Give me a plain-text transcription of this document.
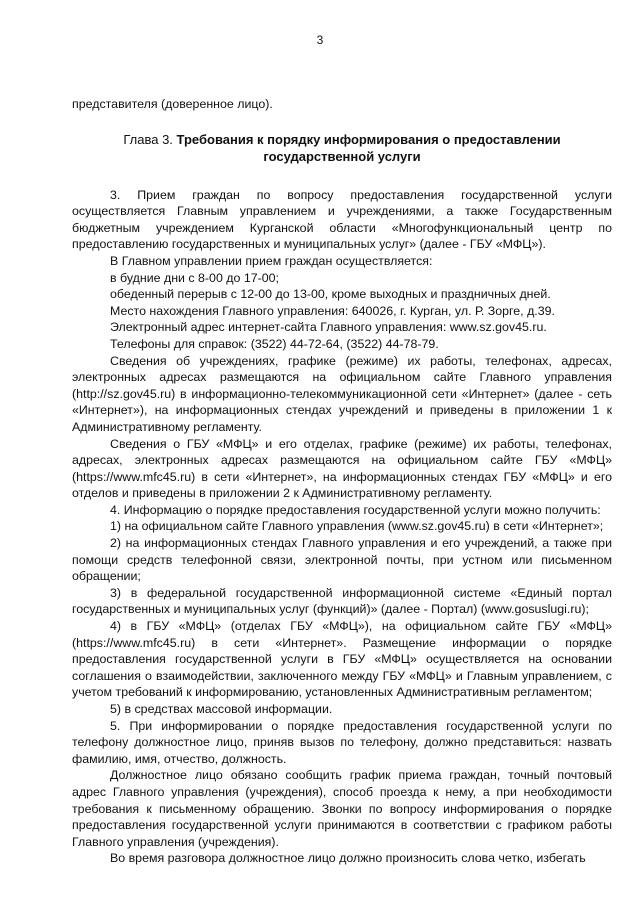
3

представителя (доверенное лицо).

Глава 3. Требования к порядку информирования о предоставлении государственной услуги

3. Прием граждан по вопросу предоставления государственной услуги осуществляется Главным управлением и учреждениями, а также Государственным бюджетным учреждением Курганской области «Многофункциональный центр по предоставлению государственных и муниципальных услуг» (далее - ГБУ «МФЦ»).

В Главном управлении прием граждан осуществляется:

в будние дни с 8-00 до 17-00;

обеденный перерыв с 12-00 до 13-00, кроме выходных и праздничных дней.

Место нахождения Главного управления: 640026, г. Курган, ул. Р. Зорге, д.39.

Электронный адрес интернет-сайта Главного управления: www.sz.gov45.ru.

Телефоны для справок: (3522) 44-72-64, (3522) 44-78-79.

Сведения об учреждениях, графике (режиме) их работы, телефонах, адресах, электронных адресах размещаются на официальном сайте Главного управления (http://sz.gov45.ru) в информационно-телекоммуникационной сети «Интернет» (далее - сеть «Интернет»), на информационных стендах учреждений и приведены в приложении 1 к Административному регламенту.

Сведения о ГБУ «МФЦ» и его отделах, графике (режиме) их работы, телефонах, адресах, электронных адресах размещаются на официальном сайте ГБУ «МФЦ» (https://www.mfc45.ru) в сети «Интернет», на информационных стендах ГБУ «МФЦ» и его отделов и приведены в приложении 2 к Административному регламенту.

4. Информацию о порядке предоставления государственной услуги можно получить:

1) на официальном сайте Главного управления (www.sz.gov45.ru) в сети «Интернет»;

2) на информационных стендах Главного управления и его учреждений, а также при помощи средств телефонной связи, электронной почты, при устном или письменном обращении;

3) в федеральной государственной информационной системе «Единый портал государственных и муниципальных услуг (функций)» (далее - Портал) (www.gosuslugi.ru);

4) в ГБУ «МФЦ» (отделах ГБУ «МФЦ»), на официальном сайте ГБУ «МФЦ» (https://www.mfc45.ru) в сети «Интернет». Размещение информации о порядке предоставления государственной услуги в ГБУ «МФЦ» осуществляется на основании соглашения о взаимодействии, заключенного между ГБУ «МФЦ» и Главным управлением, с учетом требований к информированию, установленных Административным регламентом;

5) в средствах массовой информации.

5. При информировании о порядке предоставления государственной услуги по телефону должностное лицо, приняв вызов по телефону, должно представиться: назвать фамилию, имя, отчество, должность.

Должностное лицо обязано сообщить график приема граждан, точный почтовый адрес Главного управления (учреждения), способ проезда к нему, а при необходимости требования к письменному обращению. Звонки по вопросу информирования о порядке предоставления государственной услуги принимаются в соответствии с графиком работы Главного управления (учреждения).

Во время разговора должностное лицо должно произносить слова четко, избегать
